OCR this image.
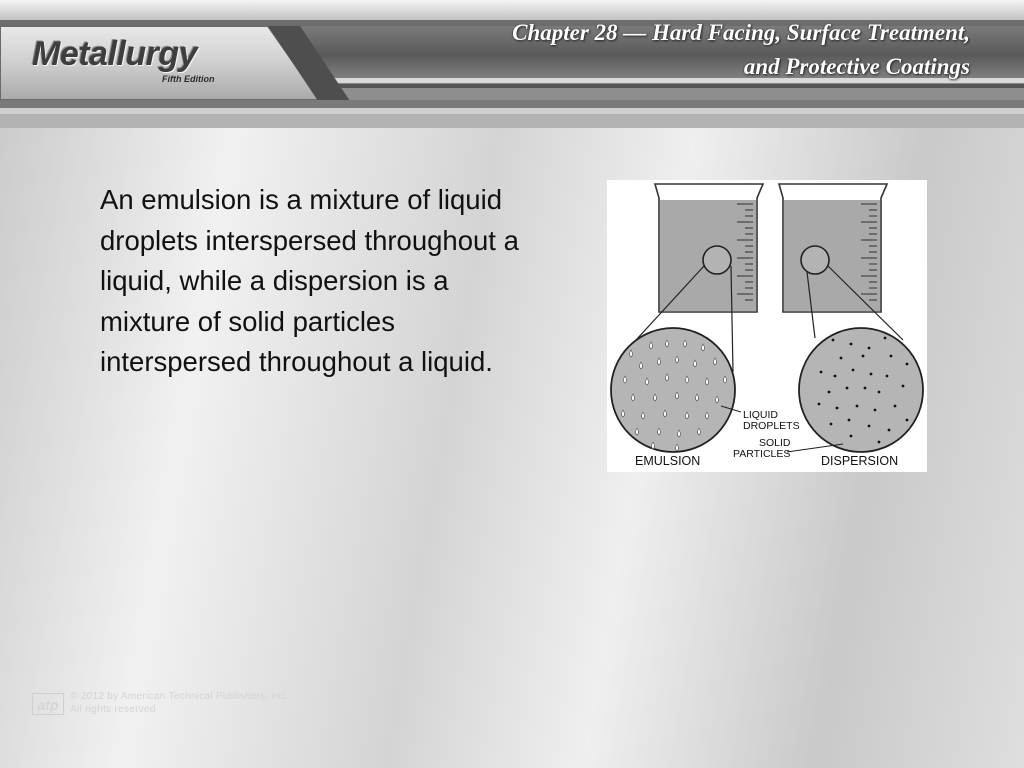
Metallurgy
Fifth Edition
Chapter 28 — Hard Facing, Surface Treatment,
and Protective Coatings

An emulsion is a mixture of liquid droplets interspersed throughout a liquid, while a dispersion is a mixture of solid particles interspersed throughout a liquid.

LIQUID
DROPLETS
SOLID
PARTICLES
EMULSION	DISPERSION
atp
© 2012 by American Technical Publishers, Inc.
All rights reserved
